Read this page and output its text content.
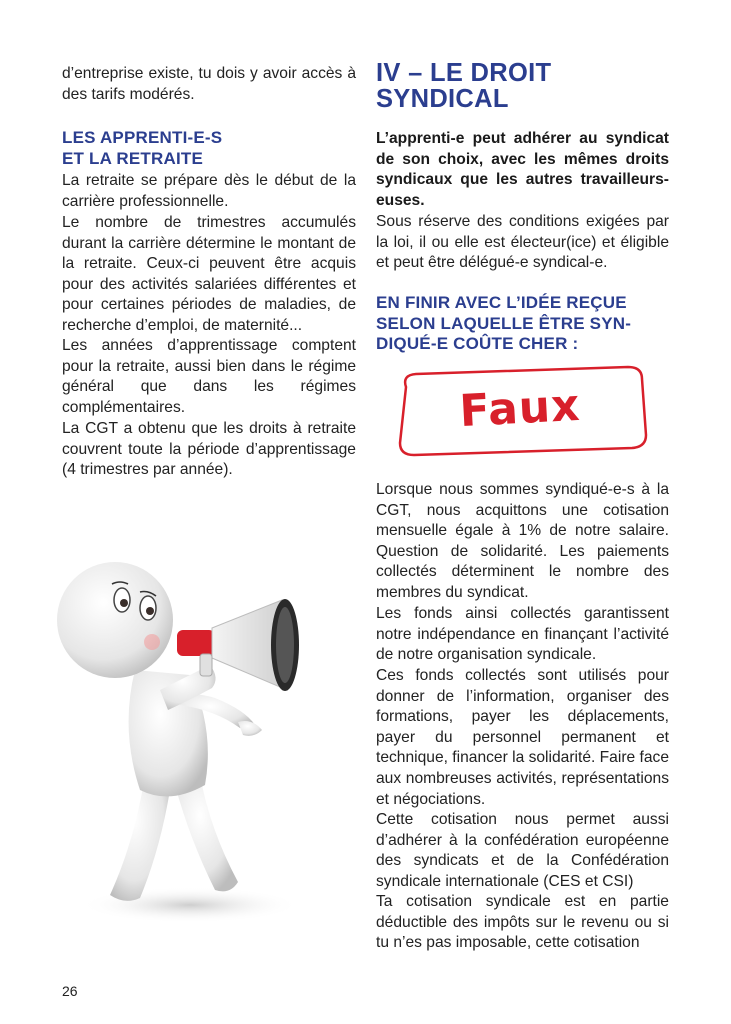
d’entreprise existe, tu dois y avoir accès à des tarifs modérés.

LES APPRENTI-E-S
ET LA RETRAITE

La retraite se prépare dès le début de la carrière professionnelle.

Le nombre de trimestres accumulés durant la carrière détermine le montant de la retraite. Ceux-ci peuvent être acquis pour des activités salariées différentes et pour certaines périodes de maladies, de recherche d’emploi, de maternité...

Les années d’apprentissage comptent pour la retraite, aussi bien dans le régime général que dans les régimes complémentaires.

La CGT a obtenu que les droits à retraite couvrent toute la période d’apprentissage (4 trimestres par année).

IV – LE DROIT
SYNDICAL

L’apprenti-e peut adhérer au syndicat de son choix, avec les mêmes droits syndicaux que les autres travailleurs-euses.

Sous réserve des conditions exigées par la loi, il ou elle est électeur(ice) et éligible et peut être délégué-e syndical-e.

EN FINIR AVEC L’IDÉE REÇUE
SELON LAQUELLE ÊTRE SYN-
DIQUÉ-E COÛTE CHER :
Faux

Lorsque nous sommes syndiqué-e-s à la CGT, nous acquittons une cotisation mensuelle égale à 1% de notre salaire. Question de solidarité. Les paiements collectés déterminent le nombre des membres du syndicat.

Les fonds ainsi collectés garantissent notre indépendance en finançant l’activité de notre organisation syndicale.

Ces fonds collectés sont utilisés pour donner de l’information, organiser des formations, payer les déplacements, payer du personnel permanent et technique, financer la solidarité. Faire face aux nombreuses activités, représentations et négociations.

Cette cotisation nous permet aussi d’adhérer à la confédération européenne des syndicats et de la Confédération syndicale internationale (CES et CSI)

Ta cotisation syndicale est en partie déductible des impôts sur le revenu ou si tu n’es pas imposable, cette cotisation

26
